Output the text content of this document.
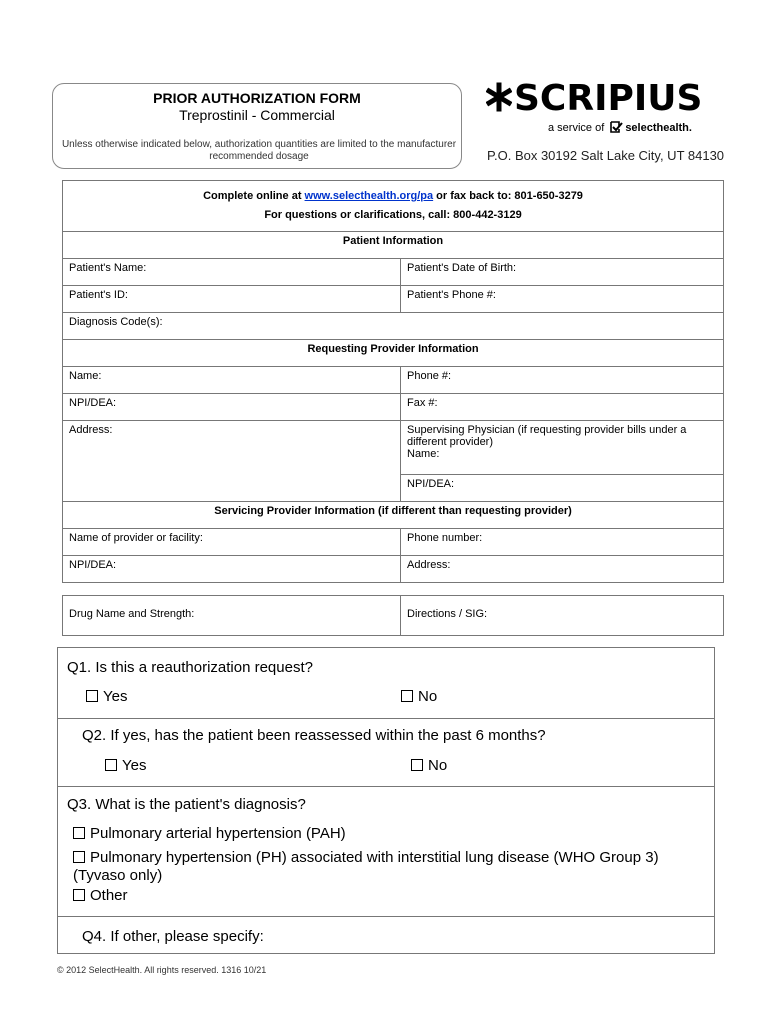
PRIOR AUTHORIZATION FORM
Treprostinil - Commercial
Unless otherwise indicated below, authorization quantities are limited to the manufacturer recommended dosage
SCRIPIUS
a service of selecthealth.
P.O. Box 30192 Salt Lake City, UT 84130
Complete online at www.selecthealth.org/pa or fax back to: 801-650-3279
For questions or clarifications, call: 800-442-3129	
Patient Information	
Patient's Name:	Patient's Date of Birth:
Patient's ID:	Patient's Phone #:
Diagnosis Code(s):	
Requesting Provider Information	
Name:	Phone #:
NPI/DEA:	Fax #:
Address:	Supervising Physician (if requesting provider bills under a different provider)
Name:

	NPI/DEA:
Servicing Provider Information (if different than requesting provider)	
Name of provider or facility:	Phone number:
NPI/DEA:	Address:
Drug Name and Strength:	Directions / SIG:
Q1. Is this a reauthorization request?
Yes	No
Q2. If yes, has the patient been reassessed within the past 6 months?
Yes	No
Q3. What is the patient's diagnosis?
Pulmonary arterial hypertension (PAH)
Pulmonary hypertension (PH) associated with interstitial lung disease (WHO Group 3)
(Tyvaso only)
Other
Q4. If other, please specify:
© 2012 SelectHealth. All rights reserved. 1316 10/21
